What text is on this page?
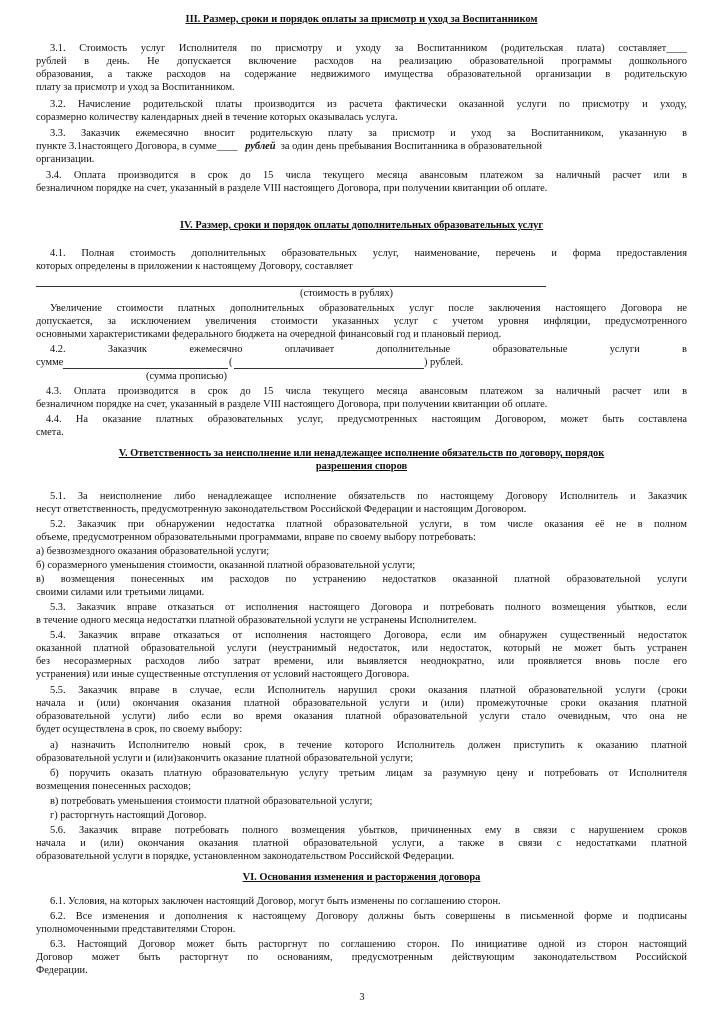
III. Размер, сроки и порядок оплаты за присмотр и уход за Воспитанником
3.1. Стоимость услуг Исполнителя по присмотру и уходу за Воспитанником (родительская плата) составляет____
рублей в день. Не допускается включение расходов на реализацию образовательной программы дошкольного
образования, а также расходов на содержание недвижимого имущества образовательной организации в родительскую
плату за присмотр и уход за Воспитанником.
3.2. Начисление родительской платы производится из расчета фактически оказанной услуги по присмотру и уходу,
соразмерно количеству календарных дней в течение которых оказывалась услуга.
3.3. Заказчик ежемесячно вносит родительскую плату за присмотр и уход за Воспитанником, указанную в
пункте 3.1настоящего Договора, в сумме____ рублей за один день пребывания Воспитанника в образовательной
организации.
3.4. Оплата производится в срок до 15 числа текущего месяца авансовым платежом за наличный расчет или в
безналичном порядке на счет, указанный в разделе VIII настоящего Договора, при получении квитанции об оплате.
IV. Размер, сроки и порядок оплаты дополнительных образовательных услуг
4.1. Полная стоимость дополнительных образовательных услуг, наименование, перечень и форма предоставления
которых определены в приложении к настоящему Договору, составляет
(стоимость в рублях)
Увеличение стоимости платных дополнительных образовательных услуг после заключения настоящего Договора не
допускается, за исключением увеличения стоимости указанных услуг с учетом уровня инфляции, предусмотренного
основными характеристиками федерального бюджета на очередной финансовый год и плановый период.
4.2.	Заказчик	ежемесячно	оплачивает	дополнительные	образовательные	услуги	в
сумме	(	) рублей.
(сумма прописью)
4.3. Оплата производится в срок до 15 числа текущего месяца авансовым платежом за наличный расчет или в
безналичном порядке на счет, указанный в разделе VIII настоящего Договора, при получении квитанции об оплате.
4.4. На оказание платных образовательных услуг, предусмотренных настоящим Договором, может быть составлена
смета.
V. Ответственность за неисполнение или ненадлежащее исполнение обязательств по договору, порядок
разрешения споров
5.1. За неисполнение либо ненадлежащее исполнение обязательств по настоящему Договору Исполнитель и Заказчик
несут ответственность, предусмотренную законодательством Российской Федерации и настоящим Договором.
5.2. Заказчик при обнаружении недостатка платной образовательной услуги, в том числе оказания её не в полном
объеме, предусмотренном образовательными программами, вправе по своему выбору потребовать:
а) безвозмездного оказания образовательной услуги;
б) соразмерного уменьшения стоимости, оказанной платной образовательной услуги;
в) возмещения понесенных им расходов по устранению недостатков оказанной платной образовательной услуги
своими силами или третьими лицами.
5.3. Заказчик вправе отказаться от исполнения настоящего Договора и потребовать полного возмещения убытков, если
в течение одного месяца недостатки платной образовательной услуги не устранены Исполнителем.
5.4. Заказчик вправе отказаться от исполнения настоящего Договора, если им обнаружен существенный недостаток
оказанной платной образовательной услуги (неустранимый недостаток, или недостаток, который не может быть устранен
без несоразмерных расходов либо затрат времени, или выявляется неоднократно, или проявляется вновь после его
устранения) или иные существенные отступления от условий настоящего Договора.
5.5. Заказчик вправе в случае, если Исполнитель нарушил сроки оказания платной образовательной услуги (сроки
начала и (или) окончания оказания платной образовательной услуги и (или) промежуточные сроки оказания платной
образовательной услуги) либо если во время оказания платной образовательной услуги стало очевидным, что она не
будет осуществлена в срок, по своему выбору:
а) назначить Исполнителю новый срок, в течение которого Исполнитель должен приступить к оказанию платной
образовательной услуги и (или)закончить оказание платной образовательной услуги;
б) поручить оказать платную образовательную услугу третьим лицам за разумную цену и потребовать от Исполнителя
возмещения понесенных расходов;
в) потребовать уменьшения стоимости платной образовательной услуги;
г) расторгнуть настоящий Договор.
5.6. Заказчик вправе потребовать полного возмещения убытков, причиненных ему в связи с нарушением сроков
начала и (или) окончания оказания платной образовательной услуги, а также в связи с недостатками платной
образовательной услуги в порядке, установленном законодательством Российской Федерации.
VI. Основания изменения и расторжения договора
6.1. Условия, на которых заключен настоящий Договор, могут быть изменены по соглашению сторон.
6.2. Все изменения и дополнения к настоящему Договору должны быть совершены в письменной форме и подписаны
уполномоченными представителями Сторон.
6.3. Настоящий Договор может быть расторгнут по соглашению сторон. По инициативе одной из сторон настоящий
Договор может быть расторгнут по основаниям, предусмотренным действующим законодательством Российской
Федерации.
3
